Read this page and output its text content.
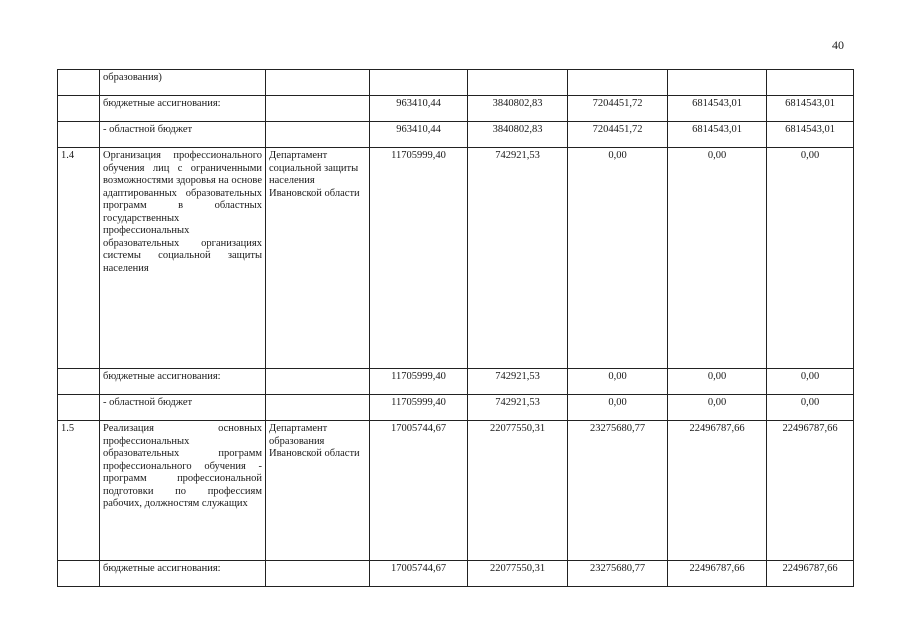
40
	образования)						
	бюджетные ассигнования:		963410,44	3840802,83	7204451,72	6814543,01	6814543,01
	- областной бюджет		963410,44	3840802,83	7204451,72	6814543,01	6814543,01
1.4	Организация профессионального обучения лиц с ограниченными возможностями здоровья на основе адаптированных образовательных программ в областных государственных профессиональных образовательных организациях системы социальной защиты населения	Департамент социальной защиты населения Ивановской области	11705999,40	742921,53	0,00	0,00	0,00
	бюджетные ассигнования:		11705999,40	742921,53	0,00	0,00	0,00
	- областной бюджет		11705999,40	742921,53	0,00	0,00	0,00
1.5	Реализация основных профессиональных образовательных программ профессионального обучения - программ профессиональной подготовки по профессиям рабочих, должностям служащих	Департамент образования Ивановской области	17005744,67	22077550,31	23275680,77	22496787,66	22496787,66
	бюджетные ассигнования:		17005744,67	22077550,31	23275680,77	22496787,66	22496787,66
